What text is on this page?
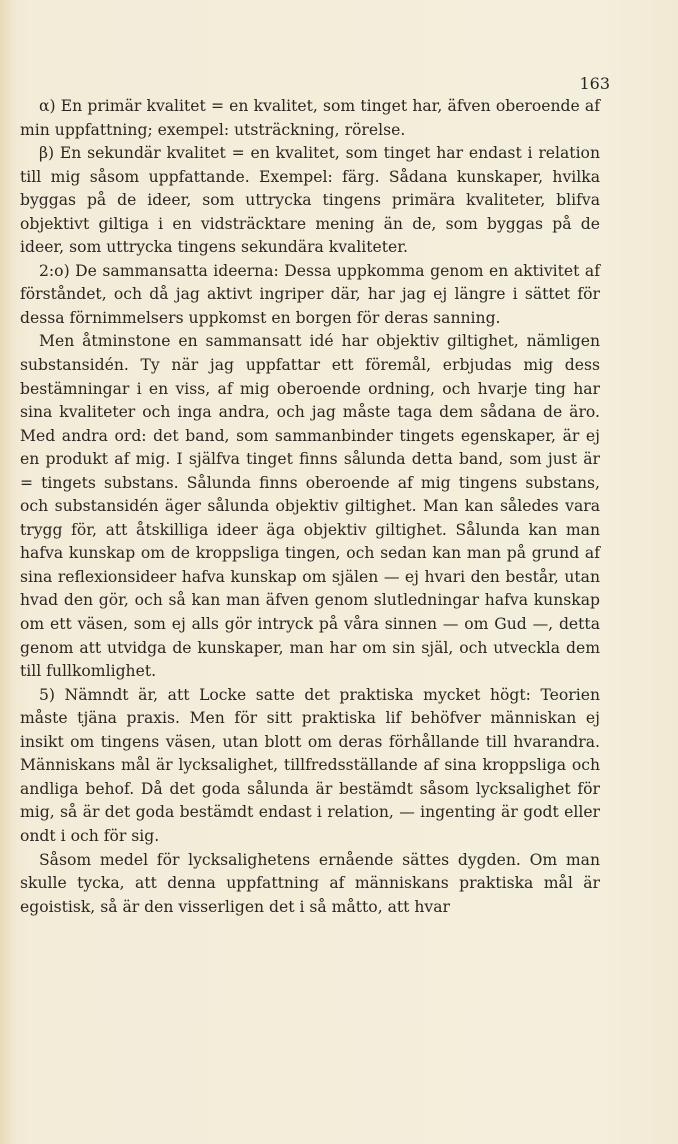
163

α) En primär kvalitet = en kvalitet, som tinget har, äfven oberoende af min uppfattning; exempel: utsträckning, rörelse.

β) En sekundär kvalitet = en kvalitet, som tinget har endast i relation till mig såsom uppfattande. Exempel: färg. Sådana kunskaper, hvilka byggas på de ideer, som uttrycka tingens primära kvaliteter, blifva objektivt giltiga i en vidsträcktare mening än de, som byggas på de ideer, som uttrycka tingens sekundära kvaliteter.

2:o) De sammansatta ideerna: Dessa uppkomma genom en aktivitet af förståndet, och då jag aktivt ingriper där, har jag ej längre i sättet för dessa förnimmelsers uppkomst en borgen för deras sanning.

Men åtminstone en sammansatt idé har objektiv giltighet, nämligen substansidén. Ty när jag uppfattar ett föremål, erbjudas mig dess bestämningar i en viss, af mig oberoende ordning, och hvarje ting har sina kvaliteter och inga andra, och jag måste taga dem sådana de äro. Med andra ord: det band, som sammanbinder tingets egenskaper, är ej en produkt af mig. I själfva tinget finns sålunda detta band, som just är = tingets substans. Sålunda finns oberoende af mig tingens substans, och substansidén äger sålunda objektiv giltighet. Man kan således vara trygg för, att åtskilliga ideer äga objektiv giltighet. Sålunda kan man hafva kunskap om de kroppsliga tingen, och sedan kan man på grund af sina reflexionsideer hafva kunskap om själen — ej hvari den består, utan hvad den gör, och så kan man äfven genom slutledningar hafva kunskap om ett väsen, som ej alls gör intryck på våra sinnen — om Gud —, detta genom att utvidga de kunskaper, man har om sin själ, och utveckla dem till fullkomlighet.

5) Nämndt är, att Locke satte det praktiska mycket högt: Teorien måste tjäna praxis. Men för sitt praktiska lif behöfver människan ej insikt om tingens väsen, utan blott om deras förhållande till hvarandra. Människans mål är lycksalighet, tillfredsställande af sina kroppsliga och andliga behof. Då det goda sålunda är bestämdt såsom lycksalighet för mig, så är det goda bestämdt endast i relation, — ingenting är godt eller ondt i och för sig.

Såsom medel för lycksalighetens ernående sättes dygden. Om man skulle tycka, att denna uppfattning af människans praktiska mål är egoistisk, så är den visserligen det i så måtto, att hvar
